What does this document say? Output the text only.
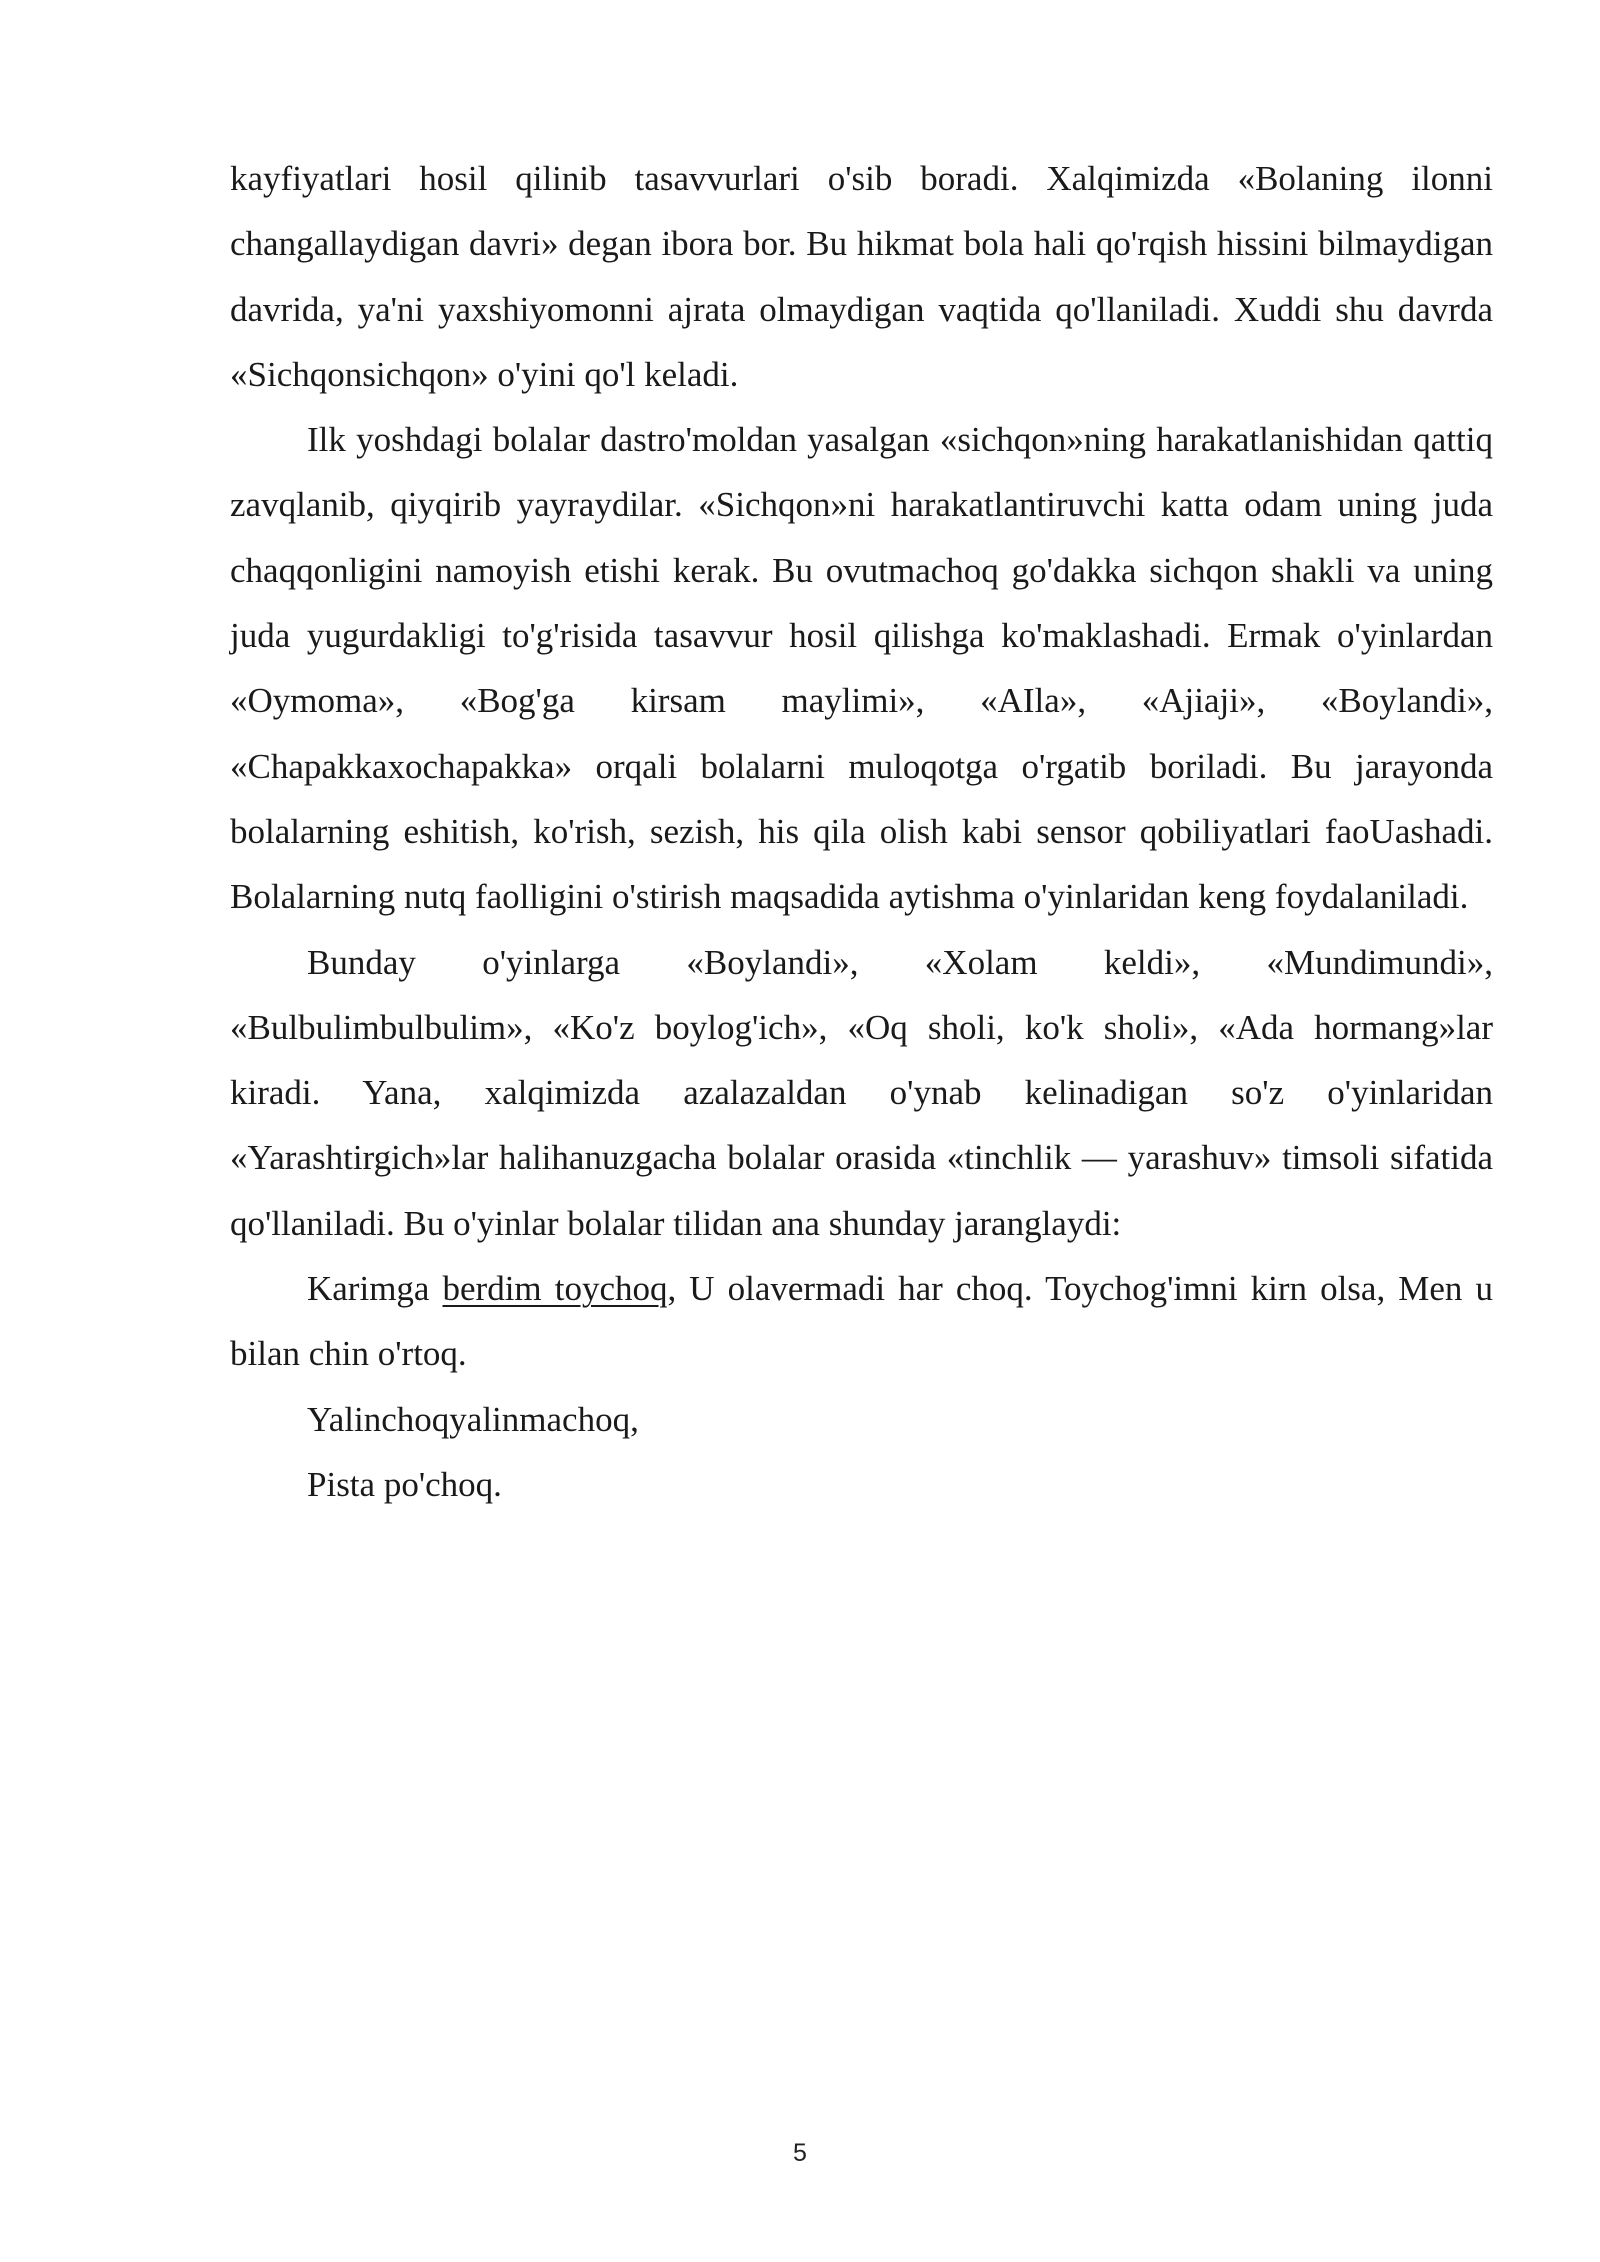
kayfiyatlari hosil qilinib tasavvurlari o'sib boradi. Xalqimizda «Bolaning ilonni changallaydigan davri» degan ibora bor. Bu hikmat bola hali qo'rqish hissini bilmaydigan davrida, ya'ni yaxshiyomonni ajrata olmaydigan vaqtida qo'llaniladi. Xuddi shu davrda «Sichqonsichqon» o'yini qo'l keladi.

Ilk yoshdagi bolalar dastro'moldan yasalgan «sichqon»ning harakatlanishidan qattiq zavqlanib, qiyqirib yayraydilar. «Sichqon»ni harakatlantiruvchi katta odam uning juda chaqqonligini namoyish etishi kerak. Bu ovutmachoq go'dakka sichqon shakli va uning juda yugurdakligi to'g'risida tasavvur hosil qilishga ko'maklashadi. Ermak o'yinlardan «Oymoma», «Bog'ga kirsam maylimi», «AIla», «Ajiaji», «Boylandi», «Chapakkaxochapakka» orqali bolalarni muloqotga o'rgatib boriladi. Bu jarayonda bolalarning eshitish, ko'rish, sezish, his qila olish kabi sensor qobiliyatlari faoUashadi. Bolalarning nutq faolligini o'stirish maqsadida aytishma o'yinlaridan keng foydalaniladi.

Bunday o'yinlarga «Boylandi», «Xolam keldi», «Mundimundi», «Bulbulimbulbulim», «Ko'z boylog'ich», «Oq sholi, ko'k sholi», «Ada hormang»lar kiradi. Yana, xalqimizda azalazaldan o'ynab kelinadigan so'z o'yinlaridan «Yarashtirgich»lar halihanuzgacha bolalar orasida «tinchlik — yarashuv» timsoli sifatida qo'llaniladi. Bu o'yinlar bolalar tilidan ana shunday jaranglaydi:

Karimga berdim toychoq, U olavermadi har choq. Toychog'imni kirn olsa, Men u bilan chin o'rtoq.

Yalinchoqyalinmachoq,

Pista po'choq.

5
